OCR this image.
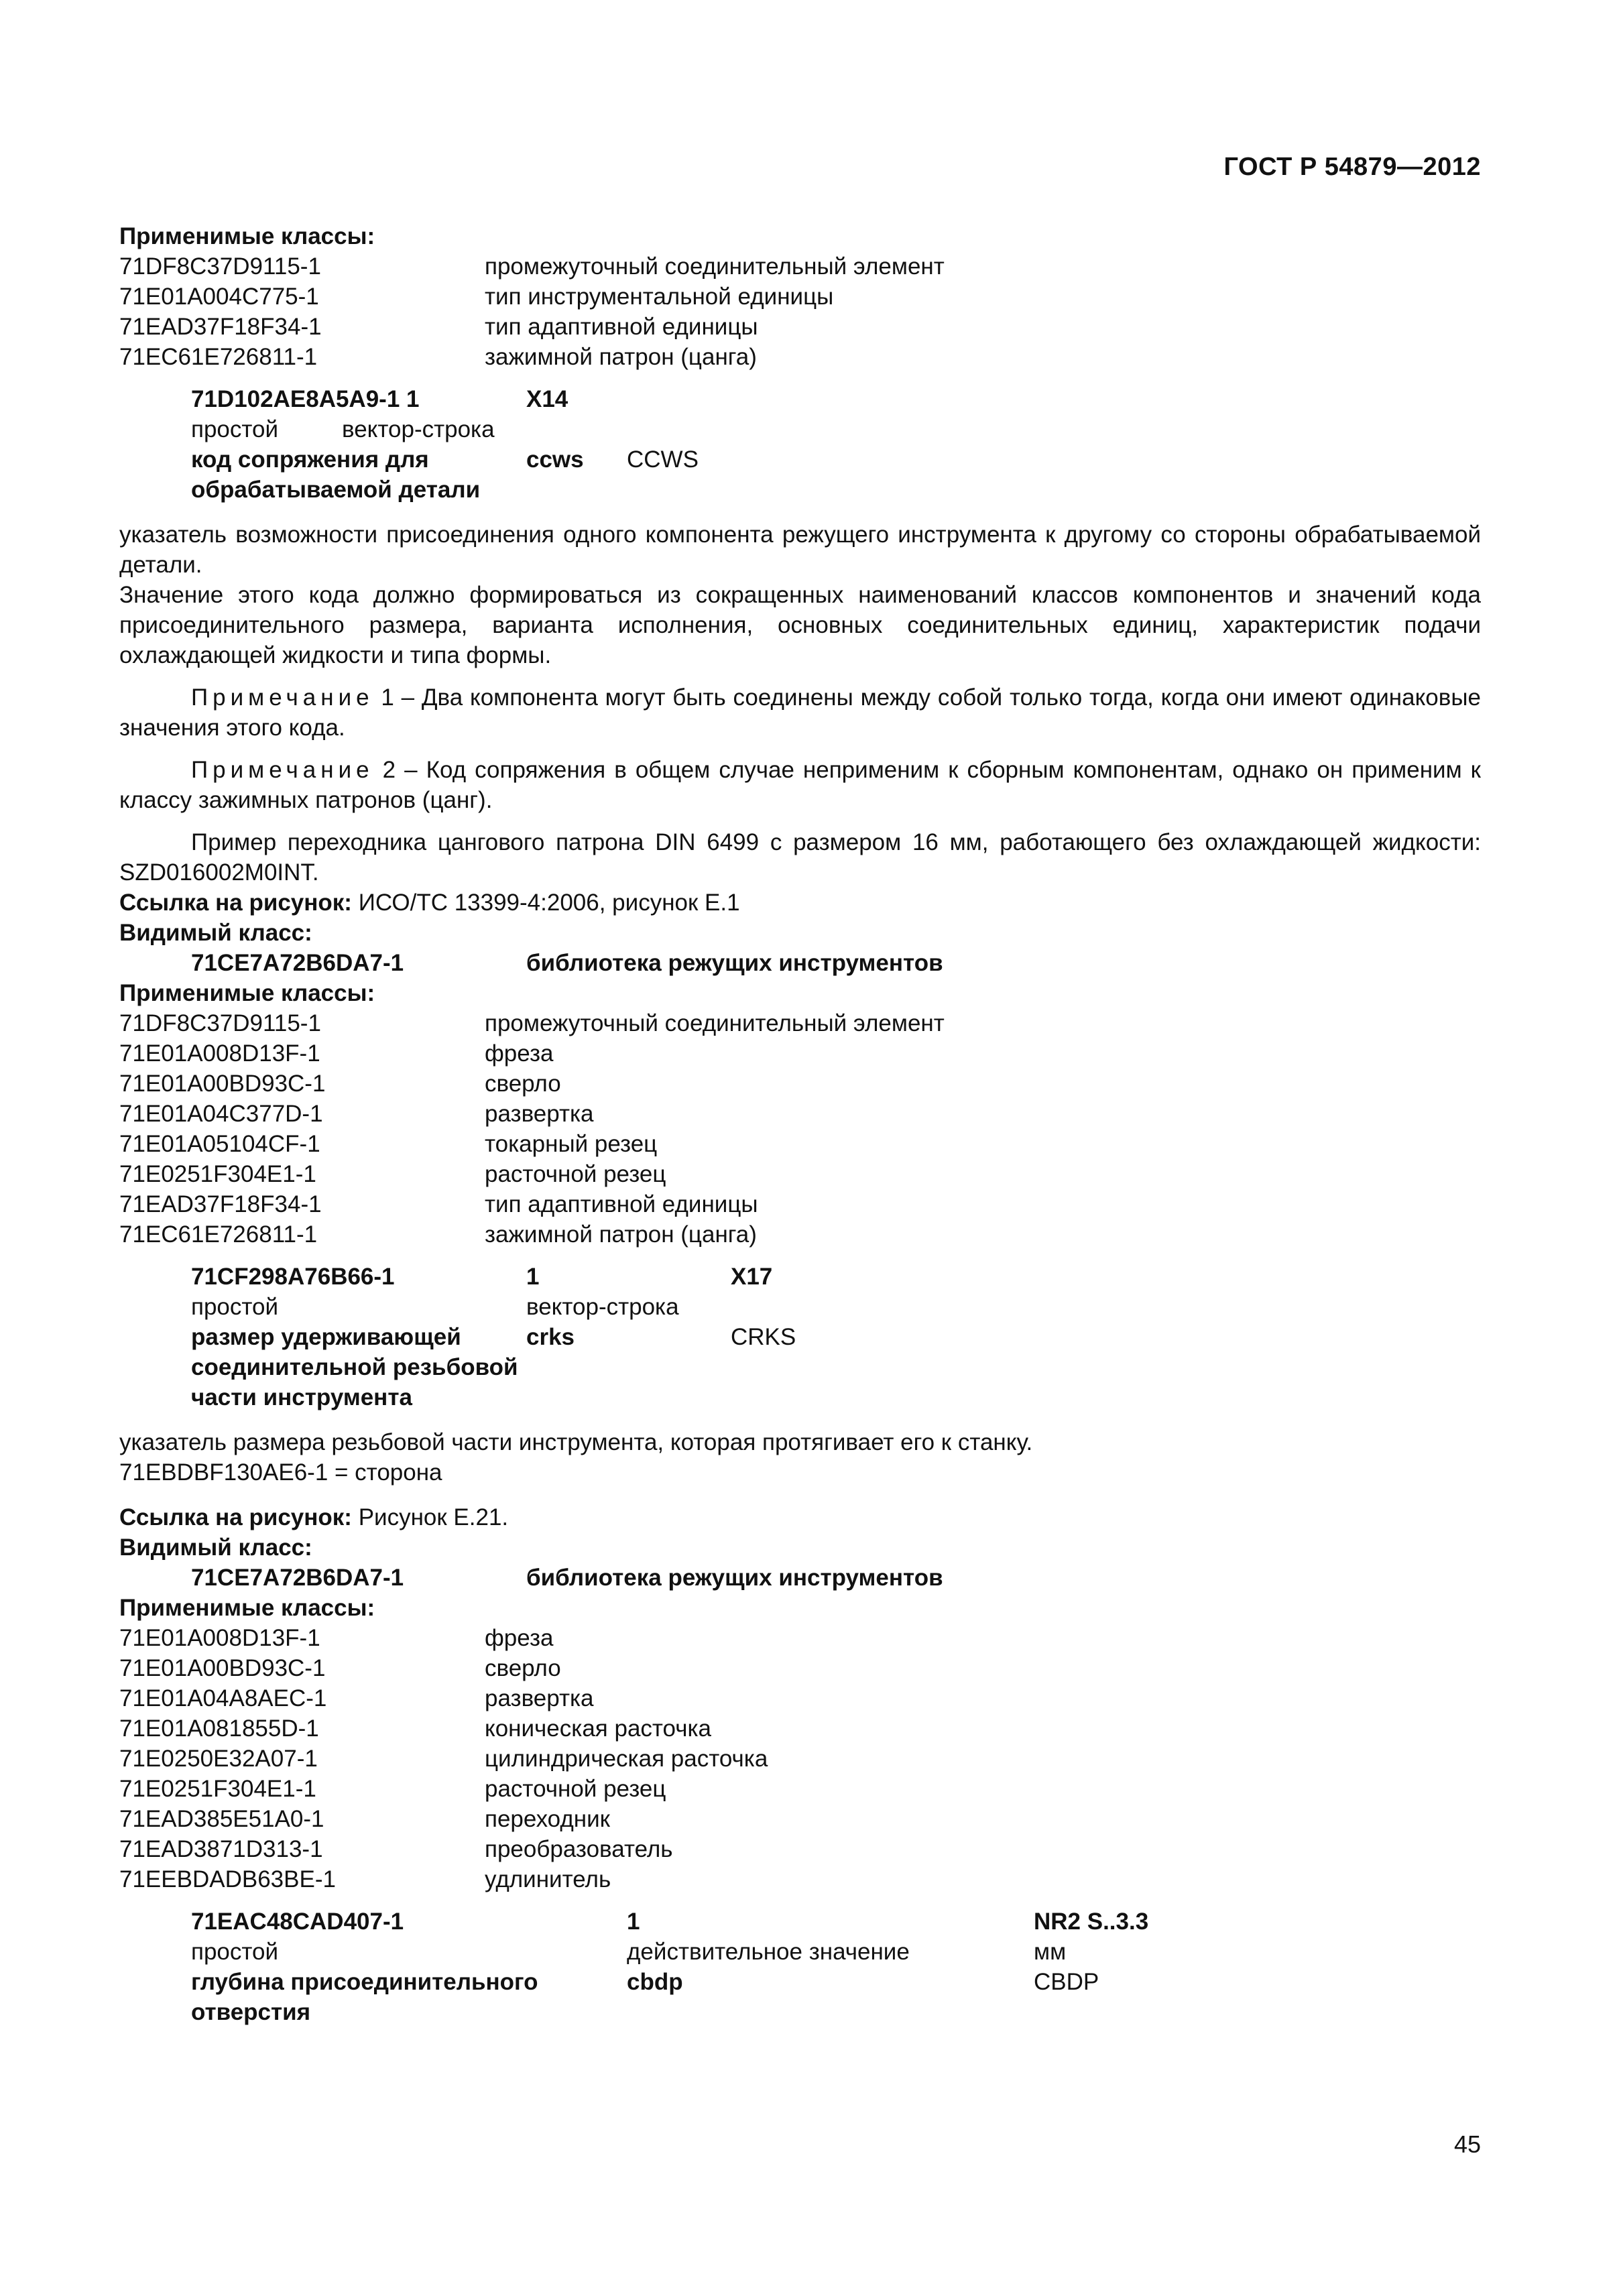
ГОСТ Р 54879—2012
Применимые классы:
71DF8C37D9115-1	промежуточный соединительный элемент
71E01A004C775-1	тип инструментальной единицы
71EAD37F18F34-1	тип адаптивной единицы
71EC61E726811-1	зажимной патрон (цанга)
71D102AE8A5A9-1 1	X14
простой	вектор-строка
код сопряжения для	ccws	CCWS
обрабатываемой детали

указатель возможности присоединения одного компонента режущего инструмента к другому со стороны обрабатываемой детали.

Значение этого кода должно формироваться из сокращенных наименований классов компонентов и значений кода присоединительного размера, варианта исполнения, основных соединительных единиц, характеристик подачи охлаждающей жидкости и типа формы.

Примечание 1 – Два компонента могут быть соединены между собой только тогда, когда они имеют одинаковые значения этого кода.

Примечание 2 – Код сопряжения в общем случае неприменим к сборным компонентам, однако он применим к классу зажимных патронов (цанг).

Пример переходника цангового патрона DIN 6499 с размером 16 мм, работающего без охлаждающей жидкости: SZD016002M0INT.

Ссылка на рисунок: ИСО/ТС 13399-4:2006, рисунок Е.1

Видимый класс:
71CE7A72B6DA7-1	библиотека режущих инструментов
Применимые классы:
71DF8C37D9115-1	промежуточный соединительный элемент
71E01A008D13F-1	фреза
71E01A00BD93C-1	сверло
71E01A04C377D-1	развертка
71E01A05104CF-1	токарный резец
71E0251F304E1-1	расточной резец
71EAD37F18F34-1	тип адаптивной единицы
71EC61E726811-1	зажимной патрон (цанга)
71CF298A76B66-1	1	X17
простой	вектор-строка
размер удерживающей	crks	CRKS
соединительной резьбовой
части инструмента

указатель размера резьбовой части инструмента, которая протягивает его к станку.

71EBDBF130AE6-1 = сторона

Ссылка на рисунок: Рисунок Е.21.

Видимый класс:
71CE7A72B6DA7-1	библиотека режущих инструментов
Применимые классы:
71E01A008D13F-1	фреза
71E01A00BD93C-1	сверло
71E01A04A8AEC-1	развертка
71E01A081855D-1	коническая расточка
71E0250E32A07-1	цилиндрическая расточка
71E0251F304E1-1	расточной резец
71EAD385E51A0-1	переходник
71EAD3871D313-1	преобразователь
71EEBDADB63BE-1	удлинитель
71EAC48CAD407-1	1	NR2 S..3.3
простой	действительное значение	мм
глубина присоединительного	cbdp	CBDP
отверстия
45
